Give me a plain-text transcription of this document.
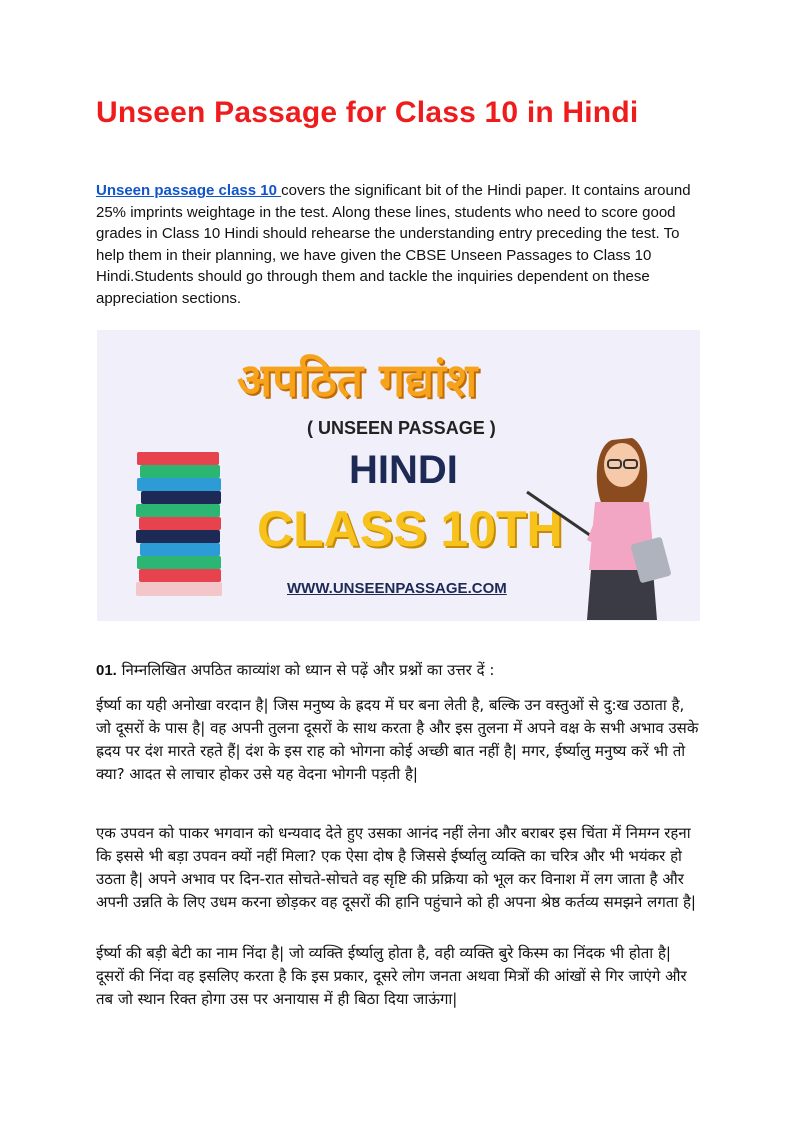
Unseen Passage for Class 10 in Hindi

Unseen passage class 10 covers the significant bit of the Hindi paper. It contains around 25% imprints weightage in the test. Along these lines, students who need to score good grades in Class 10 Hindi should rehearse the understanding entry preceding the test. To help them in their planning, we have given the CBSE Unseen Passages to Class 10 Hindi.Students should go through them and tackle the inquiries dependent on these appreciation sections.

अपठित गद्यांश
( UNSEEN PASSAGE )
HINDI
CLASS 10TH
WWW.UNSEENPASSAGE.COM

01. निम्नलिखित अपठित काव्यांश को ध्यान से पढ़ें और प्रश्नों का उत्तर दें :

ईर्ष्या का यही अनोखा वरदान है| जिस मनुष्य के ह्रदय में घर बना लेती है, बल्कि उन वस्तुओं से दु:ख उठाता है, जो दूसरों के पास है| वह अपनी तुलना दूसरों के साथ करता है और इस तुलना में अपने वक्ष के सभी अभाव उसके ह्रदय पर दंश मारते रहते हैं| दंश के इस राह को भोगना कोई अच्छी बात नहीं है| मगर, ईर्ष्यालु मनुष्य करें भी तो क्या? आदत से लाचार होकर उसे यह वेदना भोगनी पड़ती है|

एक उपवन को पाकर भगवान को धन्यवाद देते हुए उसका आनंद नहीं लेना और बराबर इस चिंता में निमग्न रहना कि इससे भी बड़ा उपवन क्यों नहीं मिला? एक ऐसा दोष है जिससे ईर्ष्यालु व्यक्ति का चरित्र और भी भयंकर हो उठता है| अपने अभाव पर दिन-रात सोचते-सोचते वह सृष्टि की प्रक्रिया को भूल कर विनाश में लग जाता है और अपनी उन्नति के लिए उधम करना छोड़कर वह दूसरों की हानि पहुंचाने को ही अपना श्रेष्ठ कर्तव्य समझने लगता है|

ईर्ष्या की बड़ी बेटी का नाम निंदा है| जो व्यक्ति ईर्ष्यालु होता है, वही व्यक्ति बुरे किस्म का निंदक भी होता है| दूसरों की निंदा वह इसलिए करता है कि इस प्रकार, दूसरे लोग जनता अथवा मित्रों की आंखों से गिर जाएंगे और तब जो स्थान रिक्त होगा उस पर अनायास में ही बिठा दिया जाऊंगा|
